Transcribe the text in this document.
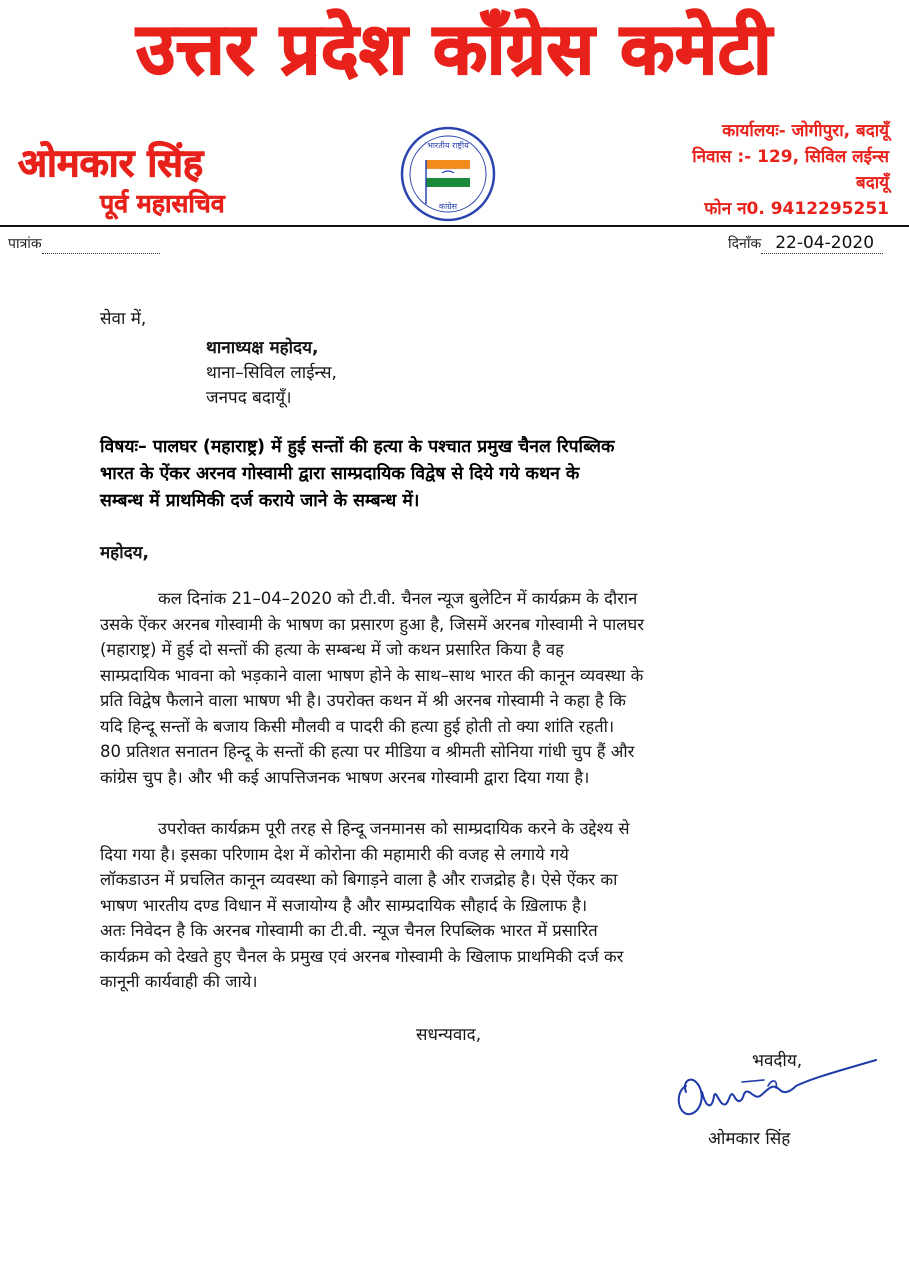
उत्तर प्रदेश कॉंग्रेस कमेटी
ओमकार सिंह
पूर्व महासचिव
भारतीय राष्ट्रीय
कांग्रेस
कार्यालयः- जोगीपुरा, बदायूँ
निवास :- 129, सिविल लईन्स
बदायूँ
फोन न0. 9412295251
पात्रांक	दिनाँक 22-04-2020
सेवा में,
थानाध्यक्ष महोदय,
थाना–सिविल लाईन्स,
जनपद बदायूँ।
विषयः– पालघर (महाराष्ट्र) में हुई सन्तों की हत्या के पश्चात प्रमुख चैनल रिपब्लिक
भारत के ऐंकर अरनव गोस्वामी द्वारा साम्प्रदायिक विद्वेष से दिये गये कथन के
सम्बन्ध में प्राथमिकी दर्ज कराये जाने के सम्बन्ध में।
महोदय,
कल दिनांक 21–04–2020 को टी.वी. चैनल न्यूज बुलेटिन में कार्यक्रम के दौरान
उसके ऐंकर अरनब गोस्वामी के भाषण का प्रसारण हुआ है, जिसमें अरनब गोस्वामी ने पालघर
(महाराष्ट्र) में हुई दो सन्तों की हत्या के सम्बन्ध में जो कथन प्रसारित किया है वह
साम्प्रदायिक भावना को भड़काने वाला भाषण होने के साथ–साथ भारत की कानून व्यवस्था के
प्रति विद्वेष फैलाने वाला भाषण भी है। उपरोक्त कथन में श्री अरनब गोस्वामी ने कहा है कि
यदि हिन्दू सन्तों के बजाय किसी मौलवी व पादरी की हत्या हुई होती तो क्या शांति रहती।
80 प्रतिशत सनातन हिन्दू के सन्तों की हत्या पर मीडिया व श्रीमती सोनिया गांधी चुप हैं और
कांग्रेस चुप है। और भी कई आपत्तिजनक भाषण अरनब गोस्वामी द्वारा दिया गया है।
उपरोक्त कार्यक्रम पूरी तरह से हिन्दू जनमानस को साम्प्रदायिक करने के उद्देश्य से
दिया गया है। इसका परिणाम देश में कोरोना की महामारी की वजह से लगाये गये
लॉकडाउन में प्रचलित कानून व्यवस्था को बिगाड़ने वाला है और राजद्रोह है। ऐसे ऐंकर का
भाषण भारतीय दण्ड विधान में सजायोग्य है और साम्प्रदायिक सौहार्द के ख़िलाफ है।
अतः निवेदन है कि अरनब गोस्वामी का टी.वी. न्यूज चैनल रिपब्लिक भारत में प्रसारित
कार्यक्रम को देखते हुए चैनल के प्रमुख एवं अरनब गोस्वामी के खिलाफ प्राथमिकी दर्ज कर
कानूनी कार्यवाही की जाये।
सधन्यवाद,
भवदीय,
ओमकार सिंह
